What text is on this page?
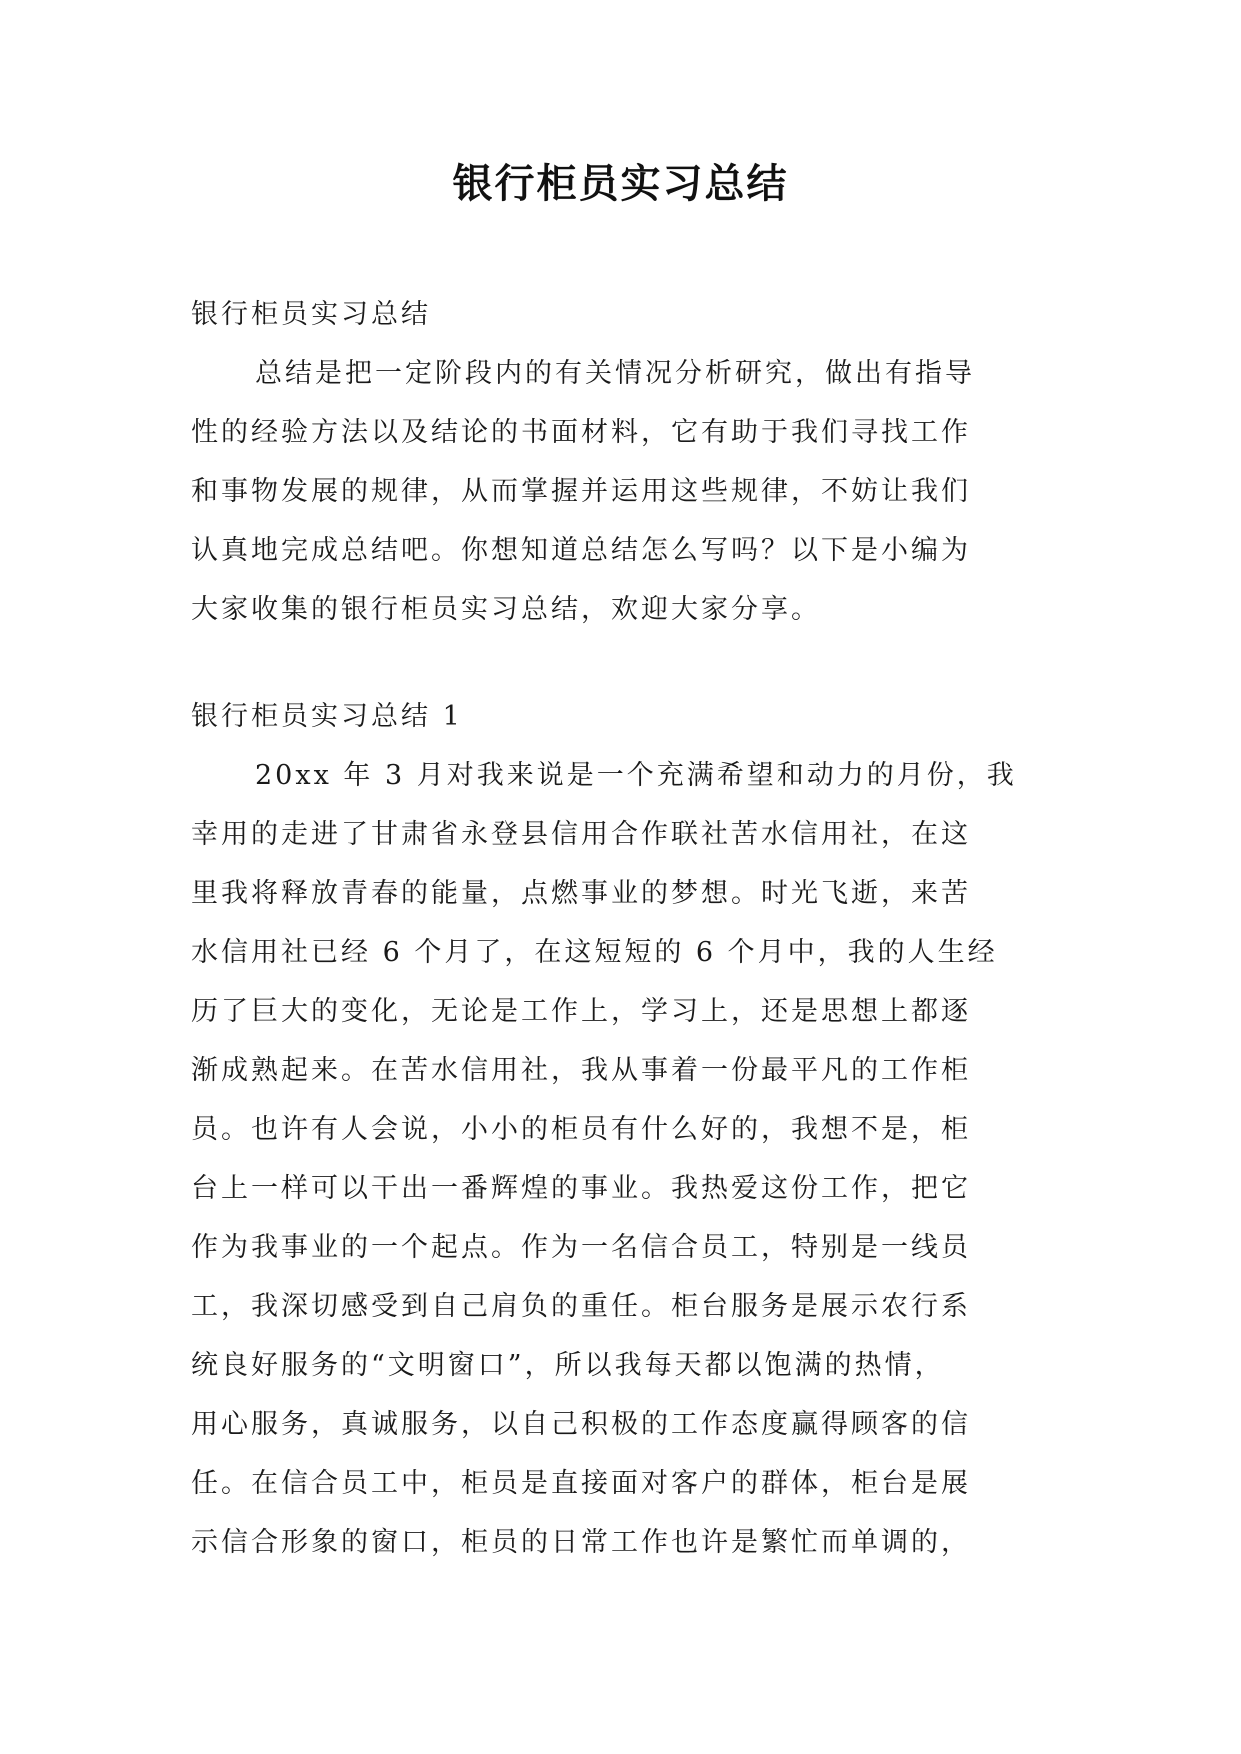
银行柜员实习总结
银行柜员实习总结
总结是把一定阶段内的有关情况分析研究，做出有指导
性的经验方法以及结论的书面材料，它有助于我们寻找工作
和事物发展的规律，从而掌握并运用这些规律，不妨让我们
认真地完成总结吧。你想知道总结怎么写吗？以下是小编为
大家收集的银行柜员实习总结，欢迎大家分享。
银行柜员实习总结 1
20xx 年 3 月对我来说是一个充满希望和动力的月份，我
幸用的走进了甘肃省永登县信用合作联社苦水信用社，在这
里我将释放青春的能量，点燃事业的梦想。时光飞逝，来苦
水信用社已经 6 个月了，在这短短的 6 个月中，我的人生经
历了巨大的变化，无论是工作上，学习上，还是思想上都逐
渐成熟起来。在苦水信用社，我从事着一份最平凡的工作柜
员。也许有人会说，小小的柜员有什么好的，我想不是，柜
台上一样可以干出一番辉煌的事业。我热爱这份工作，把它
作为我事业的一个起点。作为一名信合员工，特别是一线员
工，我深切感受到自己肩负的重任。柜台服务是展示农行系
统良好服务的“文明窗口”，所以我每天都以饱满的热情，
用心服务，真诚服务，以自己积极的工作态度赢得顾客的信
任。在信合员工中，柜员是直接面对客户的群体，柜台是展
示信合形象的窗口，柜员的日常工作也许是繁忙而单调的，
